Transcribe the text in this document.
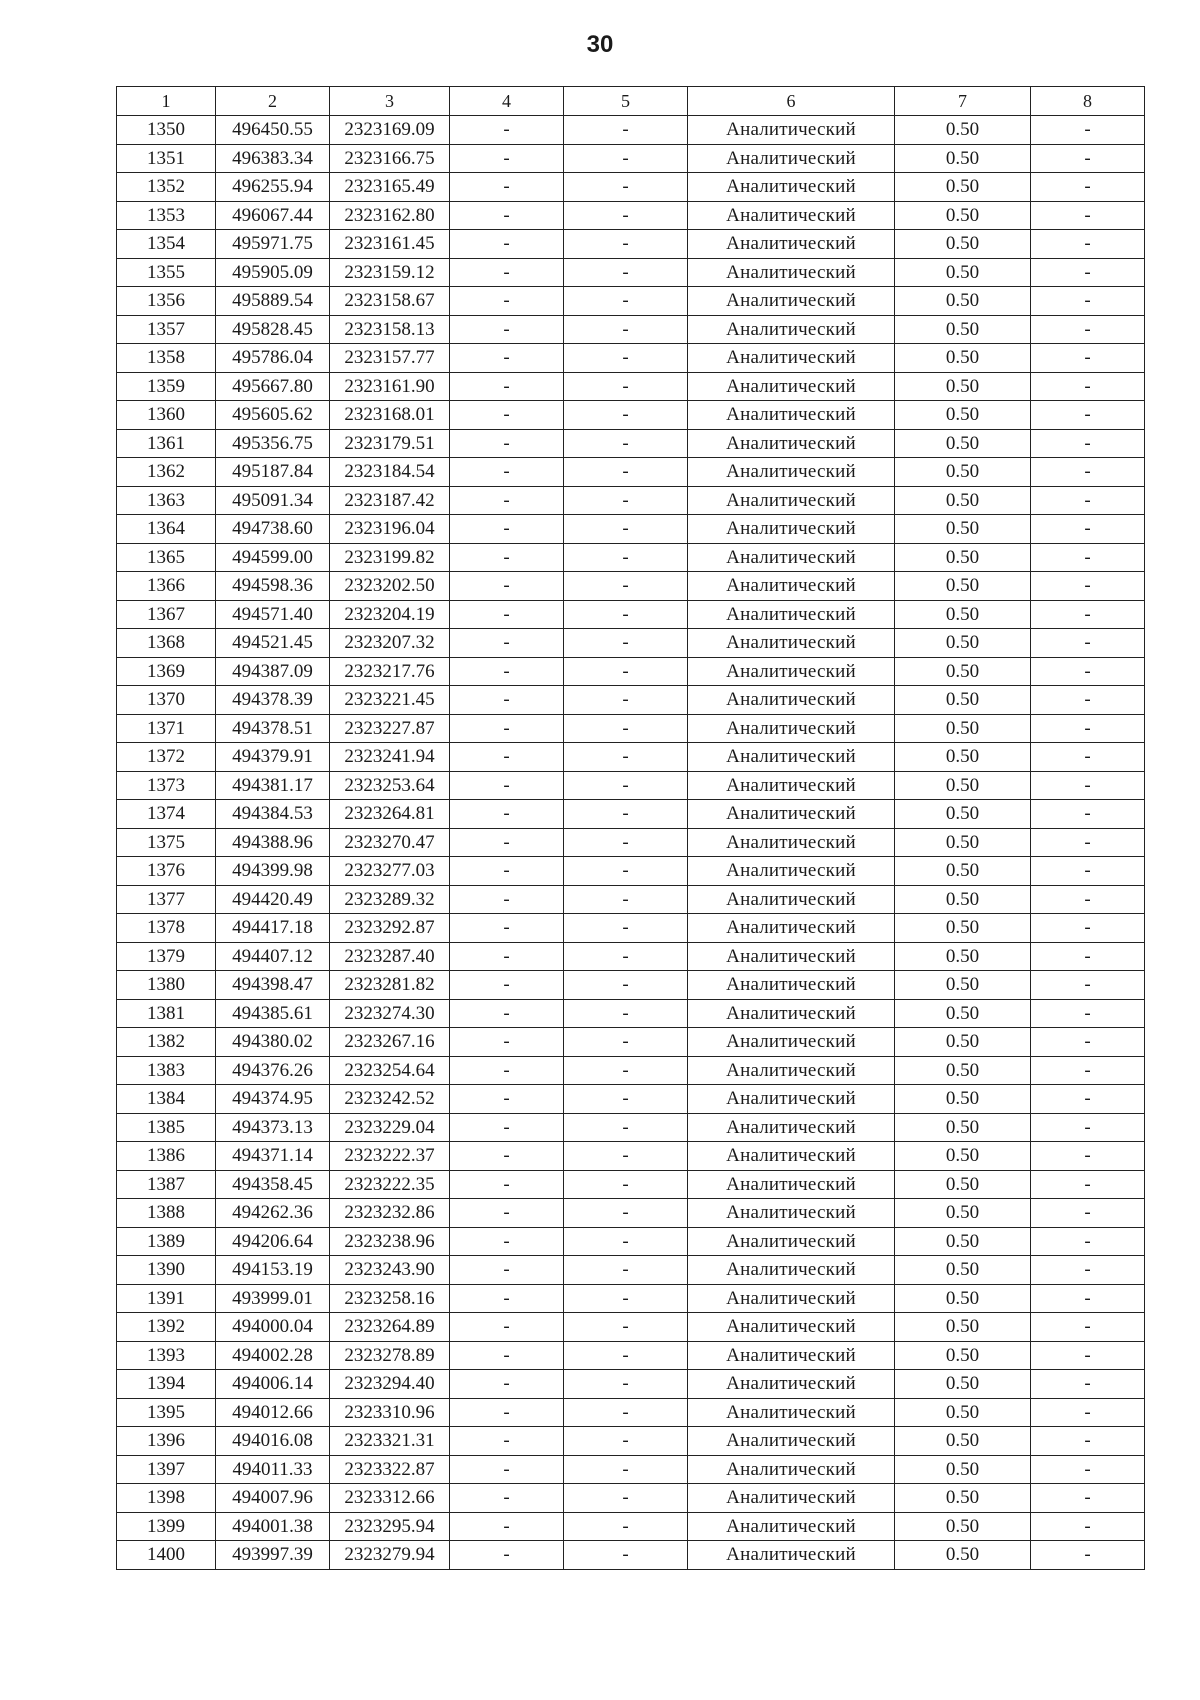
30
1	2	3	4	5	6	7	8
1350	496450.55	2323169.09	-	-	Аналитический	0.50	-
1351	496383.34	2323166.75	-	-	Аналитический	0.50	-
1352	496255.94	2323165.49	-	-	Аналитический	0.50	-
1353	496067.44	2323162.80	-	-	Аналитический	0.50	-
1354	495971.75	2323161.45	-	-	Аналитический	0.50	-
1355	495905.09	2323159.12	-	-	Аналитический	0.50	-
1356	495889.54	2323158.67	-	-	Аналитический	0.50	-
1357	495828.45	2323158.13	-	-	Аналитический	0.50	-
1358	495786.04	2323157.77	-	-	Аналитический	0.50	-
1359	495667.80	2323161.90	-	-	Аналитический	0.50	-
1360	495605.62	2323168.01	-	-	Аналитический	0.50	-
1361	495356.75	2323179.51	-	-	Аналитический	0.50	-
1362	495187.84	2323184.54	-	-	Аналитический	0.50	-
1363	495091.34	2323187.42	-	-	Аналитический	0.50	-
1364	494738.60	2323196.04	-	-	Аналитический	0.50	-
1365	494599.00	2323199.82	-	-	Аналитический	0.50	-
1366	494598.36	2323202.50	-	-	Аналитический	0.50	-
1367	494571.40	2323204.19	-	-	Аналитический	0.50	-
1368	494521.45	2323207.32	-	-	Аналитический	0.50	-
1369	494387.09	2323217.76	-	-	Аналитический	0.50	-
1370	494378.39	2323221.45	-	-	Аналитический	0.50	-
1371	494378.51	2323227.87	-	-	Аналитический	0.50	-
1372	494379.91	2323241.94	-	-	Аналитический	0.50	-
1373	494381.17	2323253.64	-	-	Аналитический	0.50	-
1374	494384.53	2323264.81	-	-	Аналитический	0.50	-
1375	494388.96	2323270.47	-	-	Аналитический	0.50	-
1376	494399.98	2323277.03	-	-	Аналитический	0.50	-
1377	494420.49	2323289.32	-	-	Аналитический	0.50	-
1378	494417.18	2323292.87	-	-	Аналитический	0.50	-
1379	494407.12	2323287.40	-	-	Аналитический	0.50	-
1380	494398.47	2323281.82	-	-	Аналитический	0.50	-
1381	494385.61	2323274.30	-	-	Аналитический	0.50	-
1382	494380.02	2323267.16	-	-	Аналитический	0.50	-
1383	494376.26	2323254.64	-	-	Аналитический	0.50	-
1384	494374.95	2323242.52	-	-	Аналитический	0.50	-
1385	494373.13	2323229.04	-	-	Аналитический	0.50	-
1386	494371.14	2323222.37	-	-	Аналитический	0.50	-
1387	494358.45	2323222.35	-	-	Аналитический	0.50	-
1388	494262.36	2323232.86	-	-	Аналитический	0.50	-
1389	494206.64	2323238.96	-	-	Аналитический	0.50	-
1390	494153.19	2323243.90	-	-	Аналитический	0.50	-
1391	493999.01	2323258.16	-	-	Аналитический	0.50	-
1392	494000.04	2323264.89	-	-	Аналитический	0.50	-
1393	494002.28	2323278.89	-	-	Аналитический	0.50	-
1394	494006.14	2323294.40	-	-	Аналитический	0.50	-
1395	494012.66	2323310.96	-	-	Аналитический	0.50	-
1396	494016.08	2323321.31	-	-	Аналитический	0.50	-
1397	494011.33	2323322.87	-	-	Аналитический	0.50	-
1398	494007.96	2323312.66	-	-	Аналитический	0.50	-
1399	494001.38	2323295.94	-	-	Аналитический	0.50	-
1400	493997.39	2323279.94	-	-	Аналитический	0.50	-
